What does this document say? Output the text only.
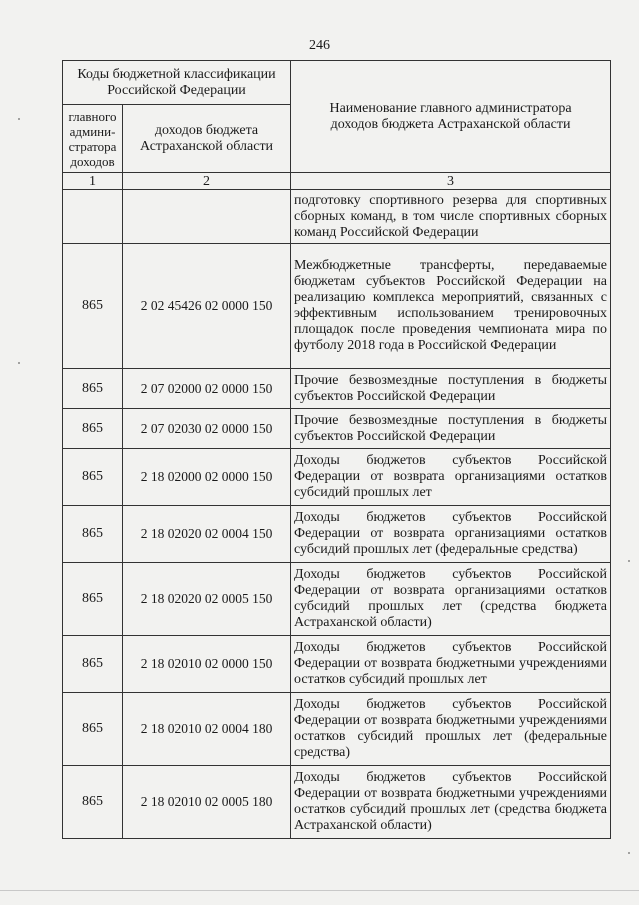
246
Коды бюджетной классификации Российской Федерации		Наименование главного администратора доходов бюджета Астраханской области
главного админи-стратора доходов	доходов бюджета Астраханской области	
1	2	3
		подготовку спортивного резерва для спортивных сборных команд, в том числе спортивных сборных команд Российской Федерации
865	2 02 45426 02 0000 150	Межбюджетные трансферты, передаваемые бюджетам субъектов Российской Федерации на реализацию комплекса мероприятий, связанных с эффективным использованием тренировочных площадок после проведения чемпионата мира по футболу 2018 года в Российской Федерации
865	2 07 02000 02 0000 150	Прочие безвозмездные поступления в бюджеты субъектов Российской Федерации
865	2 07 02030 02 0000 150	Прочие безвозмездные поступления в бюджеты субъектов Российской Федерации
865	2 18 02000 02 0000 150	Доходы бюджетов субъектов Российской Федерации от возврата организациями остатков субсидий прошлых лет
865	2 18 02020 02 0004 150	Доходы бюджетов субъектов Российской Федерации от возврата организациями остатков субсидий прошлых лет (федеральные средства)
865	2 18 02020 02 0005 150	Доходы бюджетов субъектов Российской Федерации от возврата организациями остатков субсидий прошлых лет (средства бюджета Астраханской области)
865	2 18 02010 02 0000 150	Доходы бюджетов субъектов Российской Федерации от возврата бюджетными учреждениями остатков субсидий прошлых лет
865	2 18 02010 02 0004 180	Доходы бюджетов субъектов Российской Федерации от возврата бюджетными учреждениями остатков субсидий прошлых лет (федеральные средства)
865	2 18 02010 02 0005 180	Доходы бюджетов субъектов Российской Федерации от возврата бюджетными учреждениями остатков субсидий прошлых лет (средства бюджета Астраханской области)
